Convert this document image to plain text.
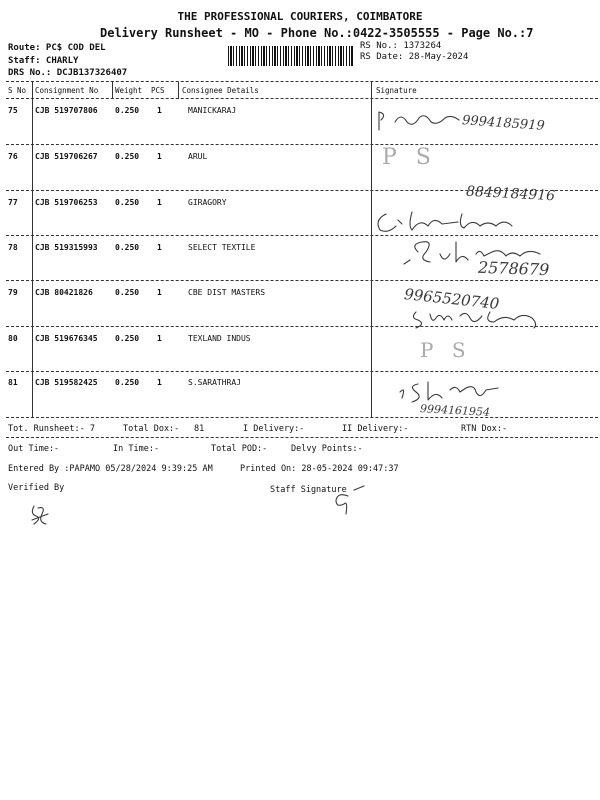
THE PROFESSIONAL COURIERS, COIMBATORE
Delivery Runsheet - MO - Phone No.:0422-3505555 - Page No.:7
Route: PC$ COD DEL
Staff: CHARLY
DRS No.: DCJB137326407
RS No.: 1373264
RS Date: 28-May-2024
S No Consignment No Weight PCS Consignee Details	Signature
75 CJB 519707806 0.250 1	MANICKARAJ
9994185919
76 CJB 519706267 0.250 1	ARUL	P S
77 CJB 519706253 0.250 1	GIRAGORY	8849184916
78 CJB 519315993 0.250 1	SELECT TEXTILE
2578679
79 CJB 80421826	0.250 1	CBE DIST MASTERS	9965520740
80 CJB 519676345 0.250 1	TEXLAND INDUS	P S
81 CJB 519582425 0.250 1	S.SARATHRAJ
9994161954
Tot. Runsheet:- 7	Total Dox:- 81	I Delivery:-	II Delivery:-	RTN Dox:-
Out Time:-	In Time:-	Total POD:-	Delvy Points:-
Entered By :PAPAMO 05/28/2024 9:39:25 AM	Printed On: 28-05-2024 09:47:37
Verified By	Staff Signature
